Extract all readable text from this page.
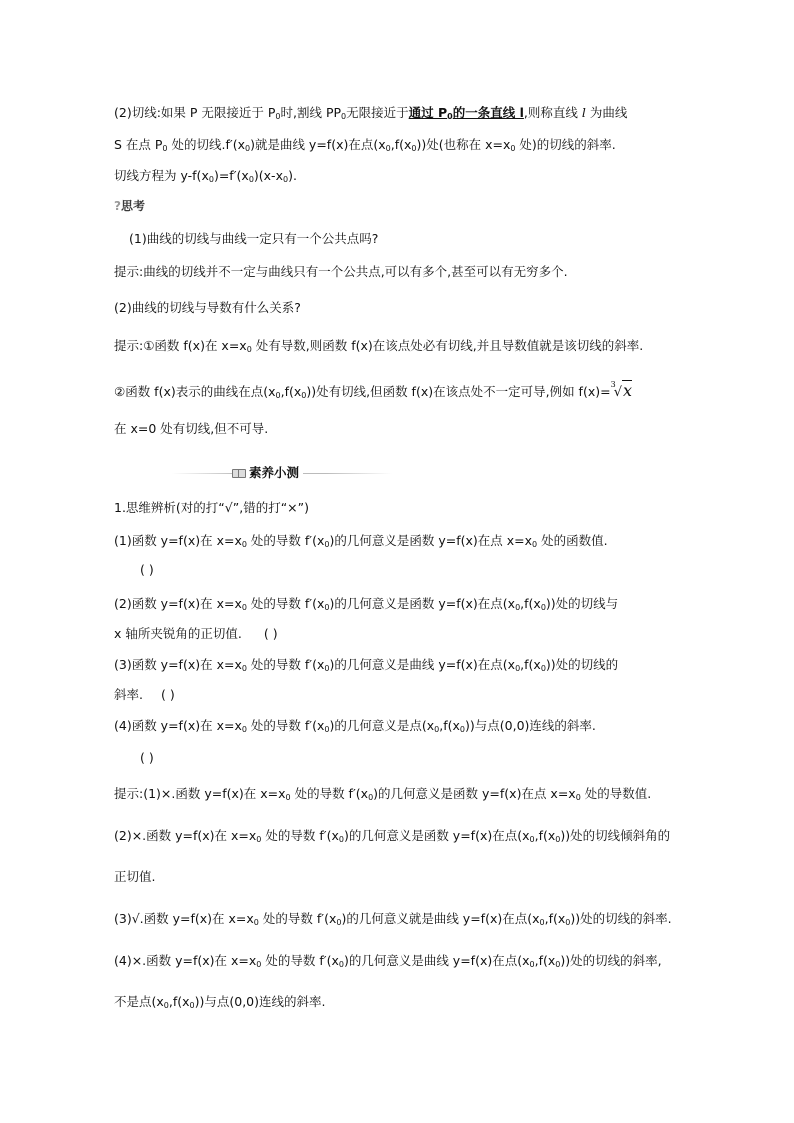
(2)切线:如果 P 无限接近于 $P_0$时,割线 $PP_0$无限接近于通过 $P_0$的一条直线 l,则称直线 l 为曲线
S 在点 $P_0$ 处的切线$.f'(x_0)$就是曲线 y=f(x)在点$(x_0,f(x_0))$处(也称在 $x=x_0$ 处)的切线的斜率.
切线方程为 $y-f(x_0)=f'(x_0)(x-x_0)$.
?思考
(1)曲线的切线与曲线一定只有一个公共点吗?
提示:曲线的切线并不一定与曲线只有一个公共点,可以有多个,甚至可以有无穷多个.
(2)曲线的切线与导数有什么关系?
提示:①函数 f(x)在 $x=x_0$ 处有导数,则函数 f(x)在该点处必有切线,并且导数值就是该切线的斜率.
②函数 f(x)表示的曲线在点$(x_0,f(x_0))$处有切线,但函数 f(x)在该点处不一定可导,例如 f(x)=$^3$√x
在 x=0 处有切线,但不可导.
素养小测
1.思维辨析(对的打“√”,错的打“×”)
(1)函数 y=f(x)在 $x=x_0$ 处的导数 $f'(x_0)$的几何意义是函数 y=f(x)在点 $x=x_0$ 处的函数值.
( )
(2)函数 y=f(x)在 $x=x_0$ 处的导数 $f'(x_0)$的几何意义是函数 y=f(x)在点$(x_0,f(x_0))$处的切线与
x 轴所夹锐角的正切值. ( )
(3)函数 y=f(x)在 $x=x_0$ 处的导数 $f'(x_0)$的几何意义是曲线 y=f(x)在点$(x_0,f(x_0))$处的切线的
斜率. ( )
(4)函数 y=f(x)在 $x=x_0$ 处的导数 $f'(x_0)$的几何意义是点$(x_0,f(x_0))$与点(0,0)连线的斜率.
( )
提示:(1)×.函数 y=f(x)在 $x=x_0$ 处的导数 $f'(x_0)$的几何意义是函数 y=f(x)在点 $x=x_0$ 处的导数值.
(2)×.函数 y=f(x)在 $x=x_0$ 处的导数 $f'(x_0)$的几何意义是函数 y=f(x)在点$(x_0,f(x_0))$处的切线倾斜角的
正切值.
(3)√.函数 y=f(x)在 $x=x_0$ 处的导数 $f'(x_0)$的几何意义就是曲线 y=f(x)在点$(x_0,f(x_0))$处的切线的斜率.
(4)×.函数 y=f(x)在 $x=x_0$ 处的导数 $f'(x_0)$的几何意义是曲线 y=f(x)在点$(x_0,f(x_0))$处的切线的斜率,
不是点$(x_0,f(x_0))$与点(0,0)连线的斜率.
